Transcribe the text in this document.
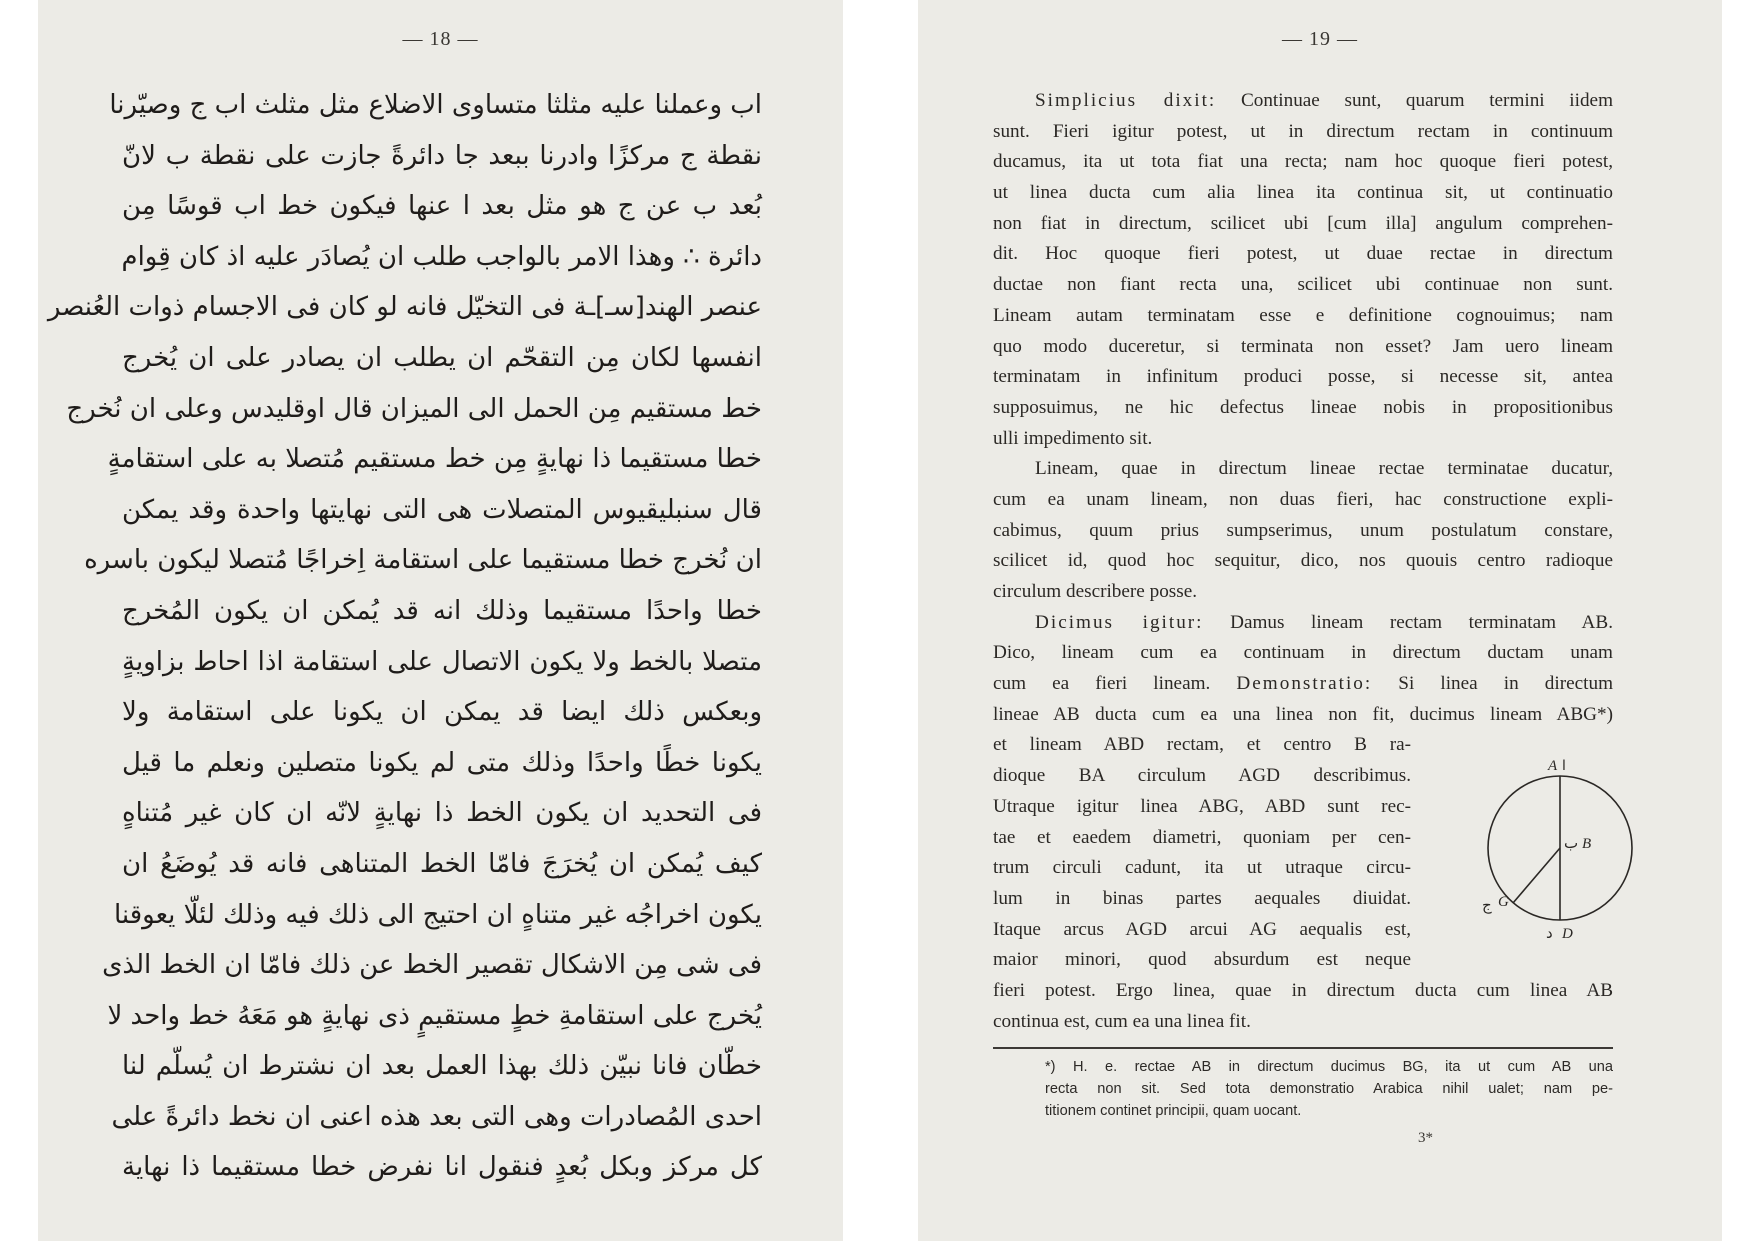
— 18 —
اب وعملنا عليه مثلثا متساوى الاضلاع مثل مثلث اب ج وصيّرنا
نقطة ج مركزًا وادرنا ببعد جا دائرةً جازت على نقطة ب لانّ
بُعد ب عن ج هو مثل بعد ا عنها فيكون خط اب قوسًا مِن
دائرة ∴ وهذا الامر بالواجب طلب ان يُصادَر عليه اذ كان قِوام
عنصر الهند[سـ]ـة فى التخيّل فانه لو كان فى الاجسام ذوات العُنصر
انفسها لكان مِن التقحّم ان يطلب ان يصادر على ان يُخرج
خط مستقيم مِن الحمل الى الميزان قال اوقليدس وعلى ان نُخرج
خطا مستقيما ذا نهايةٍ مِن خط مستقيم مُتصلا به على استقامةٍ
قال سنبليقيوس المتصلات هى التى نهايتها واحدة وقد يمكن
ان نُخرج خطا مستقيما على استقامة اِخراجًا مُتصلا ليكون باسره
خطا واحدًا مستقيما وذلك انه قد يُمكن ان يكون المُخرج
متصلا بالخط ولا يكون الاتصال على استقامة اذا احاط بزاويةٍ
وبعكس ذلك ايضا قد يمكن ان يكونا على استقامة ولا
يكونا خطًا واحدًا وذلك متى لم يكونا متصلين ونعلم ما قيل
فى التحديد ان يكون الخط ذا نهايةٍ لانّه ان كان غير مُتناهٍ
كيف يُمكن ان يُخرَجَ فامّا الخط المتناهى فانه قد يُوضَعُ ان
يكون اخراجُه غير متناهٍ ان احتيج الى ذلك فيه وذلك لئلّا يعوقنا
فى شى مِن الاشكال تقصير الخط عن ذلك فامّا ان الخط الذى
يُخرج على استقامةِ خطٍ مستقيمٍ ذى نهايةٍ هو مَعَهُ خط واحد لا
خطّان فانا نبيّن ذلك بهذا العمل بعد ان نشترط ان يُسلّم لنا
احدى المُصادرات وهى التى بعد هذه اعنى ان نخط دائرةً على
كل مركز وبكل بُعدٍ فنقول انا نفرض خطا مستقيما ذا نهاية
— 19 —

Simplicius dixit: Continuae sunt, quarum termini iidem
sunt. Fieri igitur potest, ut in directum rectam in continuum
ducamus, ita ut tota fiat una recta; nam hoc quoque fieri potest,
ut linea ducta cum alia linea ita continua sit, ut continuatio
non fiat in directum, scilicet ubi [cum illa] angulum comprehen-
dit. Hoc quoque fieri potest, ut duae rectae in directum
ductae non fiant recta una, scilicet ubi continuae non sunt.
Lineam autam terminatam esse e definitione cognouimus; nam
quo modo duceretur, si terminata non esset? Jam uero lineam
terminatam in infinitum produci posse, si necesse sit, antea
supposuimus, ne hic defectus lineae nobis in propositionibus
ulli impedimento sit.

Lineam, quae in directum lineae rectae terminatae ducatur,
cum ea unam lineam, non duas fieri, hac constructione expli-
cabimus, quum prius sumpserimus, unum postulatum constare,
scilicet id, quod hoc sequitur, dico, nos quouis centro radioque
circulum describere posse.

Dicimus igitur: Damus lineam rectam terminatam AB.
Dico, lineam cum ea continuam in directum ductam unam
cum ea fieri lineam. Demonstratio: Si linea in directum
lineae AB ducta cum ea una linea non fit, ducimus lineam ABG*)
et lineam ABD rectam, et centro B ra-
dioque BA circulum AGD describimus.
Utraque igitur linea ABG, ABD sunt rec-
tae et eaedem diametri, quoniam per cen-
trum circuli cadunt, ita ut utraque circu-
lum in binas partes aequales diuidat.
Itaque arcus AGD arcui AG aequalis est,
maior minori, quod absurdum est neque
fieri potest. Ergo linea, quae in directum ducta cum linea AB
continua est, cum ea una linea fit.

A ا
ب B
ج G
د D
*) H. e. rectae AB in directum ducimus BG, ita ut cum AB una
recta non sit. Sed tota demonstratio Arabica nihil ualet; nam pe-
titionem continet principii, quam uocant.
3*
